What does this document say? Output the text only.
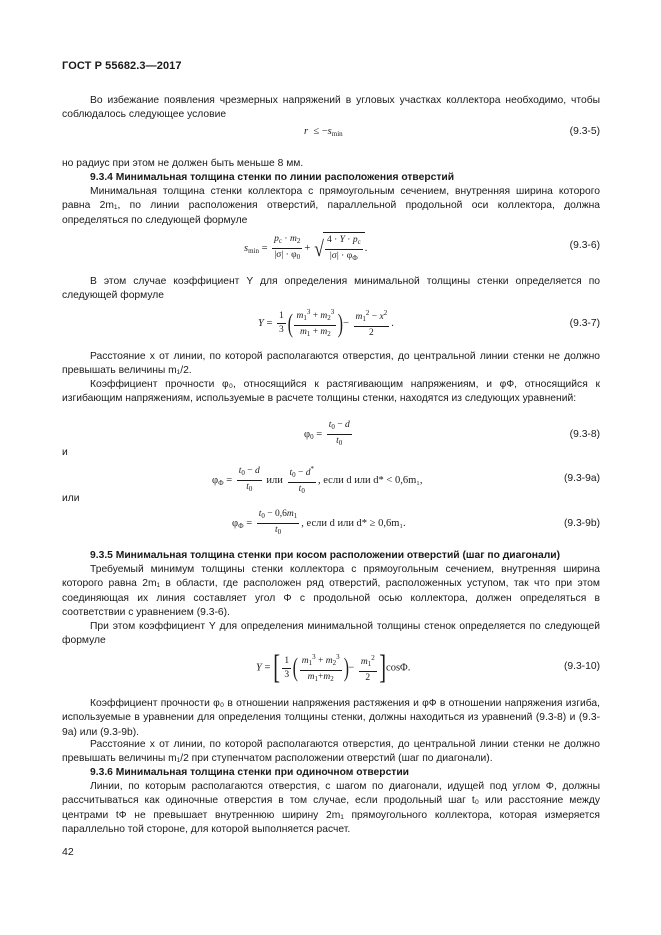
ГОСТ Р 55682.3—2017

Во избежание появления чрезмерных напряжений в угловых участках коллектора необходимо, чтобы соблюдалось следующее условие

$r \le -s_{min}$	(9.3-5)

но радиус при этом не должен быть меньше 8 мм.

9.3.4 Минимальная толщина стенки по линии расположения отверстий

Минимальная толщина стенки коллектора с прямоугольным сечением, внутренняя ширина которого равна 2m₁, по линии расположения отверстий, параллельной продольной оси коллектора, должна определяться по следующей формуле

$s_{min} = \frac{p_c \cdot m_2}{|\sigma| \cdot \varphi_0}$ + √ $4 \cdot Y \cdot p_c$
$|\sigma| \cdot \varphi_Ф$
.	(9.3-6)

В этом случае коэффициент Y для определения минимальной толщины стенки определяется по следующей формуле

$Y = \frac{1}{3}$ ( $\frac{m_1^3 + m_2^3}{m_1 + m_2}$ )− $\frac{m_1^2 - x^2}{2}$ .	(9.3-7)

Расстояние x от линии, по которой располагаются отверстия, до центральной линии стенки не должно превышать величины m₁/2.

Коэффициент прочности φ₀, относящийся к растягивающим напряжениям, и φФ, относящийся к изгибающим напряжениям, используемые в расчете толщины стенки, находятся из следующих уравнений:

$\varphi_0 = \frac{t_0 - d}{t_0}$	(9.3-8)
и
$\varphi_Ф = \frac{t_0 - d}{t_0}$ или $\frac{t_0 - d^*}{t_0}$ , если d или d* < 0,6m₁,	(9.3-9a)
или
$\varphi_Ф = \frac{t_0 - 0,6m_1}{t_0}$ , если d или d* ≥ 0,6m₁.	(9.3-9b)

9.3.5 Минимальная толщина стенки при косом расположении отверстий (шаг по диагонали)

Требуемый минимум толщины стенки коллектора с прямоугольным сечением, внутренняя ширина которого равна 2m₁ в области, где расположен ряд отверстий, расположенных уступом, так что при этом соединяющая их линия составляет угол Φ с продольной осью коллектора, должен определяться в соответствии с уравнением (9.3-6).

При этом коэффициент Y для определения минимальной толщины стенок определяется по следующей формуле

Y = [ $\frac{1}{3}$ ( $\frac{m_1^3 + m_2^3}{m_1+m_2}$ )− $\frac{m_1^2}{2} ]\cos\Phi$.	(9.3-10)

Коэффициент прочности φ₀ в отношении напряжения растяжения и φФ в отношении напряжения изгиба, используемые в уравнении для определения толщины стенки, должны находиться из уравнений (9.3-8) и (9.3-9а) или (9.3-9b).

Расстояние x от линии, по которой располагаются отверстия, до центральной линии стенки не должно превышать величины m₁/2 при ступенчатом расположении отверстий (шаг по диагонали).

9.3.6 Минимальная толщина стенки при одиночном отверстии

Линии, по которым располагаются отверстия, с шагом по диагонали, идущей под углом Φ, должны рассчитываться как одиночные отверстия в том случае, если продольный шаг t₀ или расстояние между центрами tФ не превышает внутреннюю ширину 2m₁ прямоугольного коллектора, которая измеряется параллельно той стороне, для которой выполняется расчет.

42
